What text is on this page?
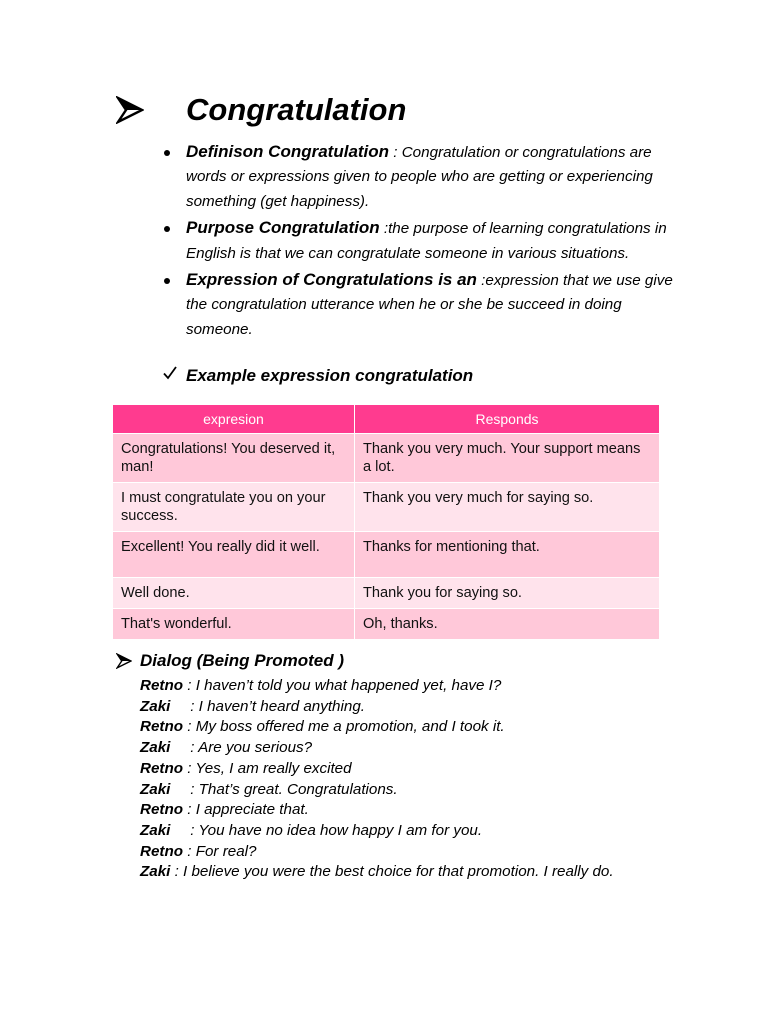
Congratulation
Definison Congratulation : Congratulation or congratulations are words or expressions given to people who are getting or experiencing something (get happiness).
Purpose Congratulation :the purpose of learning congratulations in English is that we can congratulate someone in various situations.
Expression of Congratulations is an :expression that we use give the congratulation utterance when he or she be succeed in doing someone.
Example expression congratulation
expresion	Responds
Congratulations! You deserved it, man!	Thank you very much. Your support means a lot.
I must congratulate you on your success.	Thank you very much for saying so.
Excellent! You really did it well.	Thanks for mentioning that.
Well done.	Thank you for saying so.
That's wonderful.	Oh, thanks.
Dialog (Being Promoted )
Retno : I haven’t told you what happened yet, have I?
Zaki : I haven’t heard anything.
Retno : My boss offered me a promotion, and I took it.
Zaki : Are you serious?
Retno : Yes, I am really excited
Zaki : That’s great. Congratulations.
Retno : I appreciate that.
Zaki : You have no idea how happy I am for you.
Retno : For real?
Zaki : I believe you were the best choice for that promotion. I really do.
